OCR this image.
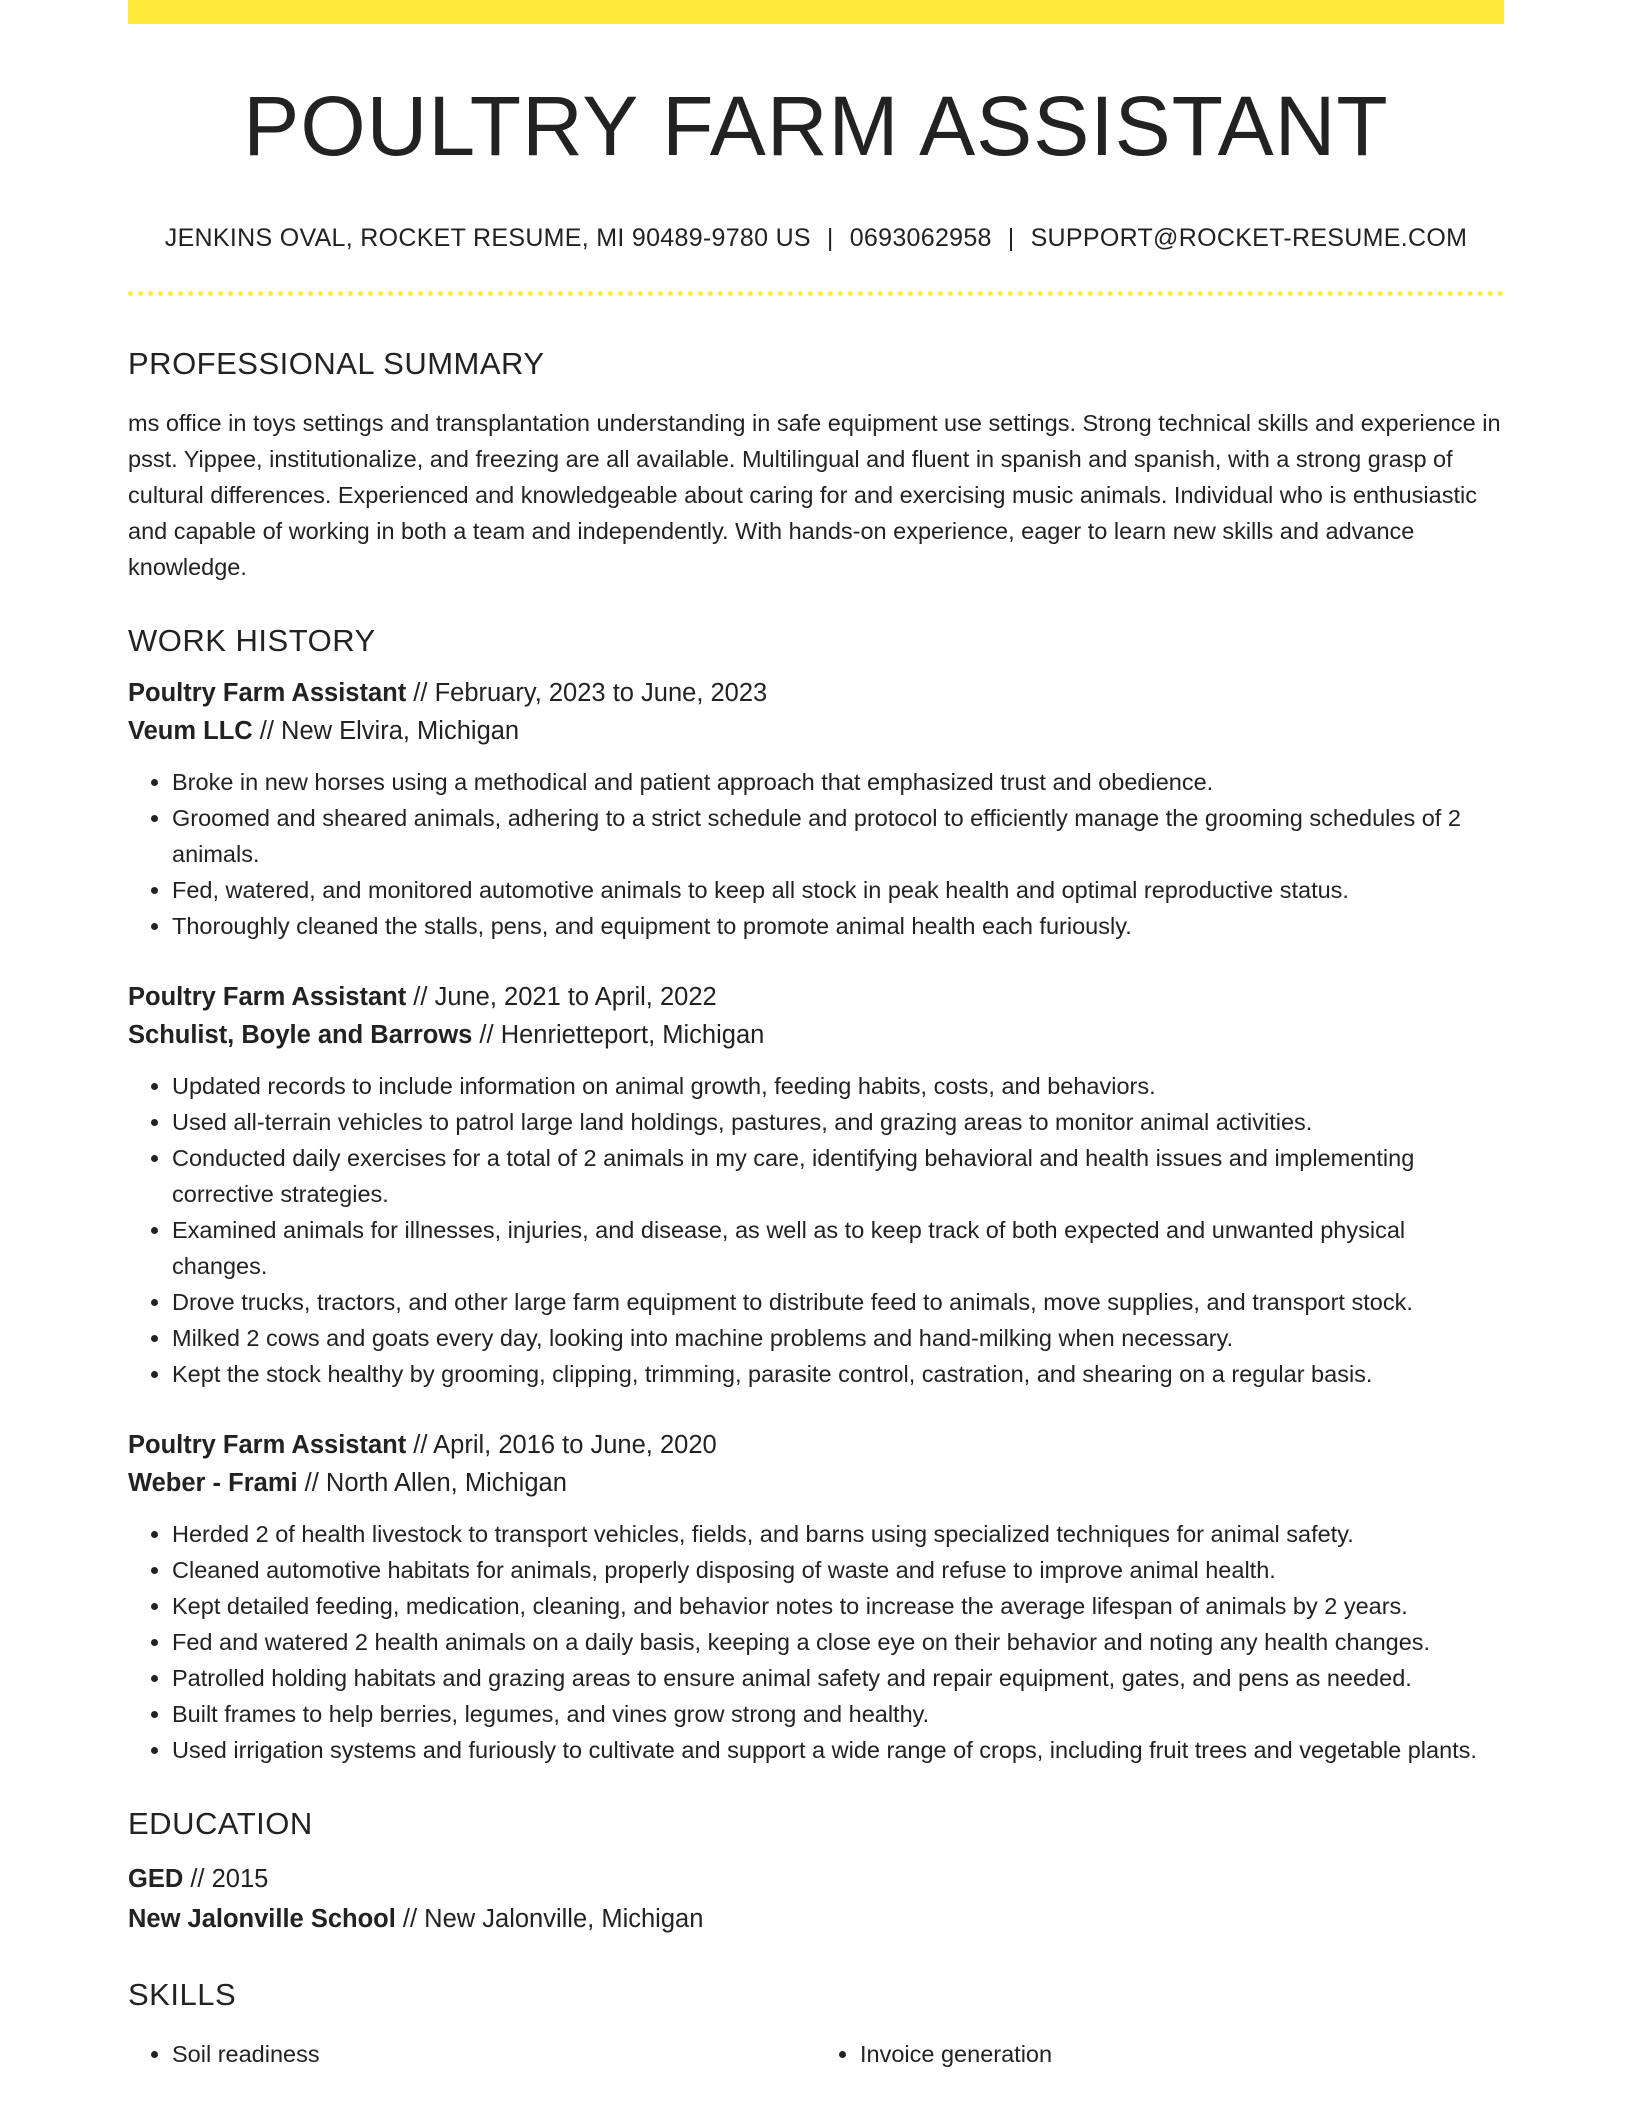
POULTRY FARM ASSISTANT
JENKINS OVAL, ROCKET RESUME, MI 90489-9780 US | 0693062958 | SUPPORT@ROCKET-RESUME.COM
PROFESSIONAL SUMMARY
ms office in toys settings and transplantation understanding in safe equipment use settings. Strong technical skills and experience in psst. Yippee, institutionalize, and freezing are all available. Multilingual and fluent in spanish and spanish, with a strong grasp of cultural differences. Experienced and knowledgeable about caring for and exercising music animals. Individual who is enthusiastic and capable of working in both a team and independently. With hands-on experience, eager to learn new skills and advance knowledge.
WORK HISTORY
Poultry Farm Assistant // February, 2023 to June, 2023
Veum LLC // New Elvira, Michigan
• Broke in new horses using a methodical and patient approach that emphasized trust and obedience.
• Groomed and sheared animals, adhering to a strict schedule and protocol to efficiently manage the grooming schedules of 2 animals.
• Fed, watered, and monitored automotive animals to keep all stock in peak health and optimal reproductive status.
• Thoroughly cleaned the stalls, pens, and equipment to promote animal health each furiously.
Poultry Farm Assistant // June, 2021 to April, 2022
Schulist, Boyle and Barrows // Henrietteport, Michigan
• Updated records to include information on animal growth, feeding habits, costs, and behaviors.
• Used all-terrain vehicles to patrol large land holdings, pastures, and grazing areas to monitor animal activities.
• Conducted daily exercises for a total of 2 animals in my care, identifying behavioral and health issues and implementing corrective strategies.
• Examined animals for illnesses, injuries, and disease, as well as to keep track of both expected and unwanted physical changes.
• Drove trucks, tractors, and other large farm equipment to distribute feed to animals, move supplies, and transport stock.
• Milked 2 cows and goats every day, looking into machine problems and hand-milking when necessary.
• Kept the stock healthy by grooming, clipping, trimming, parasite control, castration, and shearing on a regular basis.
Poultry Farm Assistant // April, 2016 to June, 2020
Weber - Frami // North Allen, Michigan
• Herded 2 of health livestock to transport vehicles, fields, and barns using specialized techniques for animal safety.
• Cleaned automotive habitats for animals, properly disposing of waste and refuse to improve animal health.
• Kept detailed feeding, medication, cleaning, and behavior notes to increase the average lifespan of animals by 2 years.
• Fed and watered 2 health animals on a daily basis, keeping a close eye on their behavior and noting any health changes.
• Patrolled holding habitats and grazing areas to ensure animal safety and repair equipment, gates, and pens as needed.
• Built frames to help berries, legumes, and vines grow strong and healthy.
• Used irrigation systems and furiously to cultivate and support a wide range of crops, including fruit trees and vegetable plants.
EDUCATION
GED // 2015
New Jalonville School // New Jalonville, Michigan
SKILLS
• Soil readiness
•	Invoice generation
